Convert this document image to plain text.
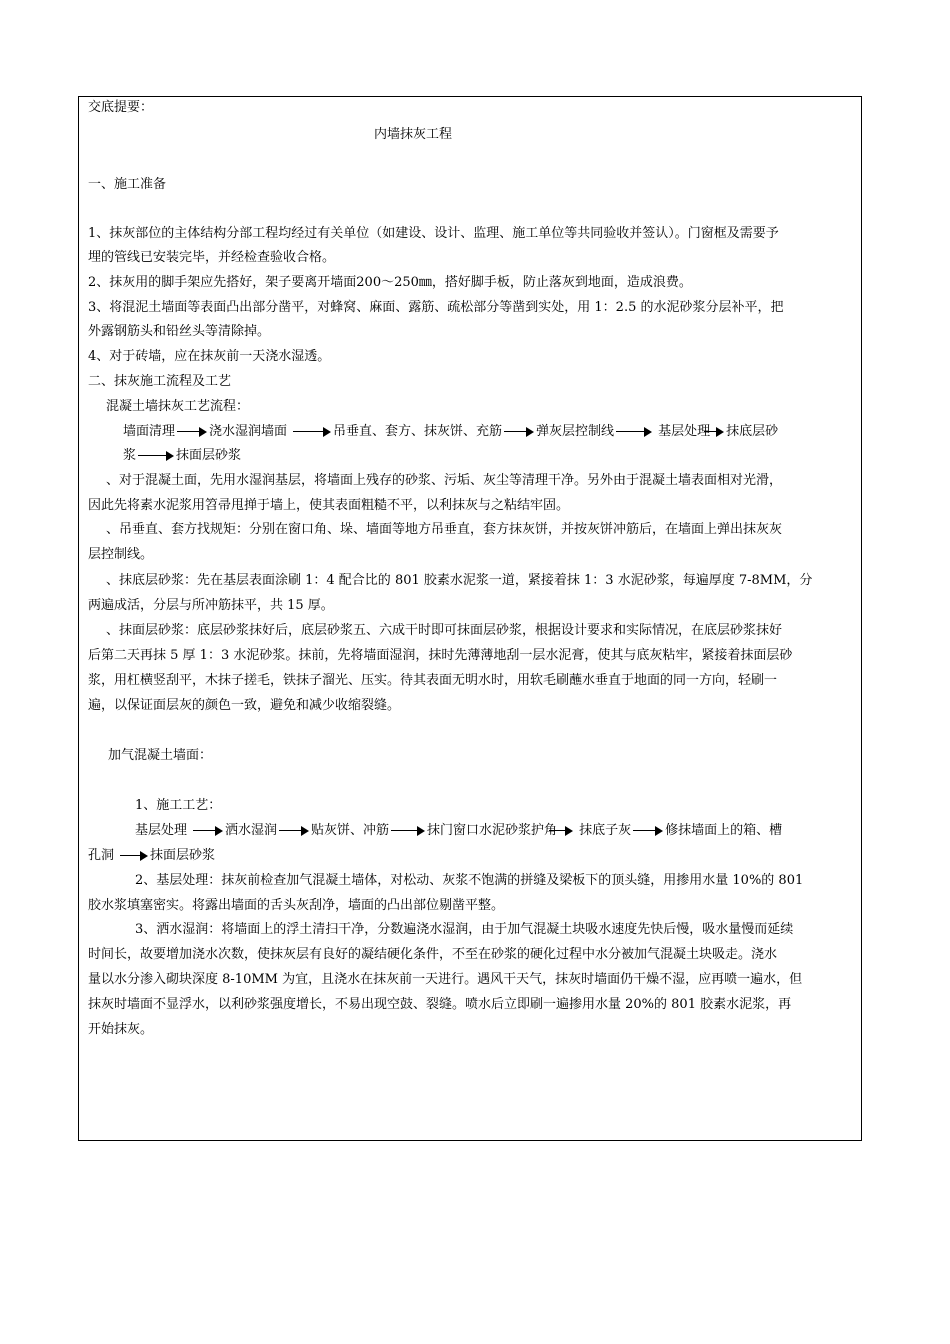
交底提要：
内墙抹灰工程
一、施工准备
1、抹灰部位的主体结构分部工程均经过有关单位（如建设、设计、监理、施工单位等共同验收并签认）。门窗框及需要予
埋的管线已安装完毕，并经检查验收合格。
2、抹灰用的脚手架应先搭好，架子要离开墙面200～250㎜，搭好脚手板，防止落灰到地面，造成浪费。
3、将混泥土墙面等表面凸出部分凿平，对蜂窝、麻面、露筋、疏松部分等凿到实处，用 1：2.5 的水泥砂浆分层补平，把
外露钢筋头和铅丝头等清除掉。
4、对于砖墙，应在抹灰前一天浇水湿透。
二、抹灰施工流程及工艺
混凝土墙抹灰工艺流程：
墙面清理	浇水湿润墙面	吊垂直、套方、抹灰饼、充筋	弹灰层控制线	基层处理 抹底层砂
浆	抹面层砂浆
、对于混凝土面，先用水湿润基层，将墙面上残存的砂浆、污垢、灰尘等清理干净。另外由于混凝土墙表面相对光滑，
因此先将素水泥浆用笤帚甩掸于墙上，使其表面粗糙不平，以利抹灰与之粘结牢固。
、吊垂直、套方找规矩：分别在窗口角、垛、墙面等地方吊垂直，套方抹灰饼，并按灰饼冲筋后，在墙面上弹出抹灰灰
层控制线。
、抹底层砂浆：先在基层表面涂刷 1：4 配合比的 801 胶素水泥浆一道，紧接着抹 1：3 水泥砂浆，每遍厚度 7-8MM，分
两遍成活，分层与所冲筋抹平，共 15 厚。
、抹面层砂浆：底层砂浆抹好后，底层砂浆五、六成干时即可抹面层砂浆，根据设计要求和实际情况，在底层砂浆抹好
后第二天再抹 5 厚 1：3 水泥砂浆。抹前，先将墙面湿润，抹时先薄薄地刮一层水泥膏，使其与底灰粘牢，紧接着抹面层砂
浆，用杠横竖刮平，木抹子搓毛，铁抹子溜光、压实。待其表面无明水时，用软毛刷蘸水垂直于地面的同一方向，轻刷一
遍，以保证面层灰的颜色一致，避免和减少收缩裂缝。
加气混凝土墙面：
1、施工工艺：
基层处理	洒水湿润	贴灰饼、冲筋	抹门窗口水泥砂浆护角 抹底子灰	修抹墙面上的箱、槽
孔洞	抹面层砂浆
2、基层处理：抹灰前检查加气混凝土墙体，对松动、灰浆不饱满的拼缝及梁板下的顶头缝，用掺用水量 10%的 801
胶水浆填塞密实。将露出墙面的舌头灰刮净，墙面的凸出部位剔凿平整。
3、洒水湿润：将墙面上的浮土清扫干净，分数遍浇水湿润，由于加气混凝土块吸水速度先快后慢，吸水量慢而延续
时间长，故要增加浇水次数，使抹灰层有良好的凝结硬化条件，不至在砂浆的硬化过程中水分被加气混凝土块吸走。浇水
量以水分渗入砌块深度 8-10MM 为宜，且浇水在抹灰前一天进行。遇风干天气，抹灰时墙面仍干燥不湿，应再喷一遍水，但
抹灰时墙面不显浮水，以利砂浆强度增长，不易出现空鼓、裂缝。喷水后立即刷一遍掺用水量 20%的 801 胶素水泥浆，再
开始抹灰。
